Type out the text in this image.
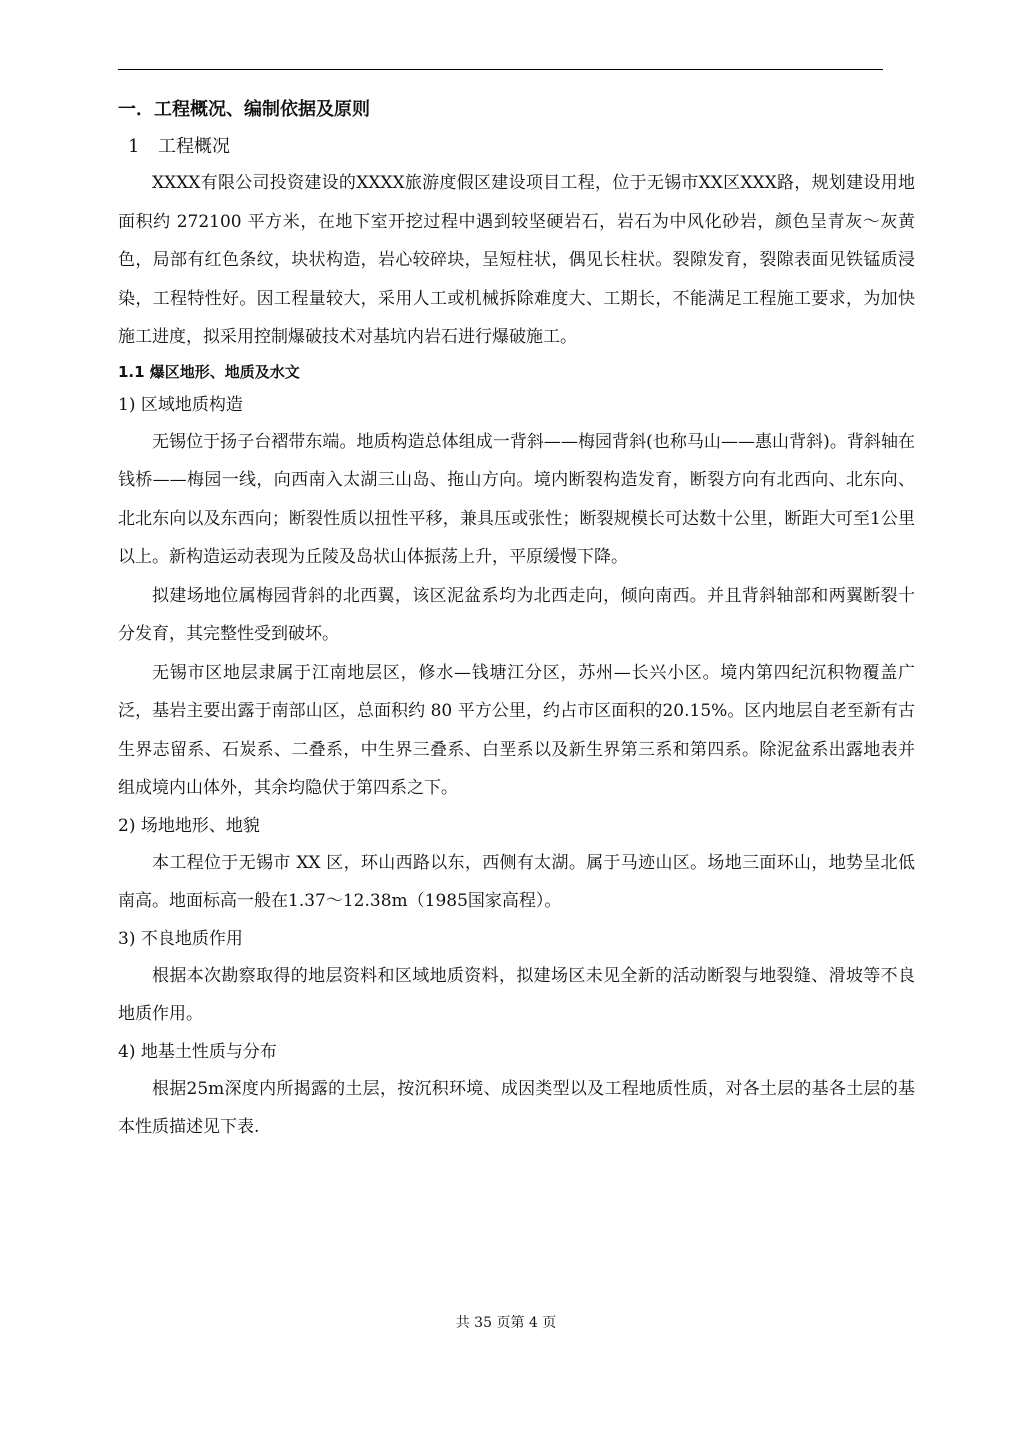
一．工程概况、编制依据及原则

1 工程概况

XXXX有限公司投资建设的XXXX旅游度假区建设项目工程，位于无锡市XX区XXX路，规划建设用地面积约 272100 平方米，在地下室开挖过程中遇到较坚硬岩石，岩石为中风化砂岩，颜色呈青灰～灰黄色，局部有红色条纹，块状构造，岩心较碎块，呈短柱状，偶见长柱状。裂隙发育，裂隙表面见铁锰质浸染，工程特性好。因工程量较大，采用人工或机械拆除难度大、工期长，不能满足工程施工要求，为加快施工进度，拟采用控制爆破技术对基坑内岩石进行爆破施工。

1.1 爆区地形、地质及水文

1) 区域地质构造

无锡位于扬子台褶带东端。地质构造总体组成一背斜——梅园背斜(也称马山——惠山背斜)。背斜轴在钱桥——梅园一线，向西南入太湖三山岛、拖山方向。境内断裂构造发育，断裂方向有北西向、北东向、北北东向以及东西向；断裂性质以扭性平移，兼具压或张性；断裂规模长可达数十公里，断距大可至1公里以上。新构造运动表现为丘陵及岛状山体振荡上升，平原缓慢下降。

拟建场地位属梅园背斜的北西翼，该区泥盆系均为北西走向，倾向南西。并且背斜轴部和两翼断裂十分发育，其完整性受到破坏。

无锡市区地层隶属于江南地层区，修水—钱塘江分区，苏州—长兴小区。境内第四纪沉积物覆盖广泛，基岩主要出露于南部山区，总面积约 80 平方公里，约占市区面积的20.15%。区内地层自老至新有古生界志留系、石炭系、二叠系，中生界三叠系、白垩系以及新生界第三系和第四系。除泥盆系出露地表并组成境内山体外，其余均隐伏于第四系之下。

2) 场地地形、地貌

本工程位于无锡市 XX 区，环山西路以东，西侧有太湖。属于马迹山区。场地三面环山，地势呈北低南高。地面标高一般在1.37～12.38m（1985国家高程）。

3) 不良地质作用

根据本次勘察取得的地层资料和区域地质资料，拟建场区未见全新的活动断裂与地裂缝、滑坡等不良地质作用。

4) 地基土性质与分布

根据25m深度内所揭露的土层，按沉积环境、成因类型以及工程地质性质，对各土层的基各土层的基本性质描述见下表.

共 35 页第 4 页
